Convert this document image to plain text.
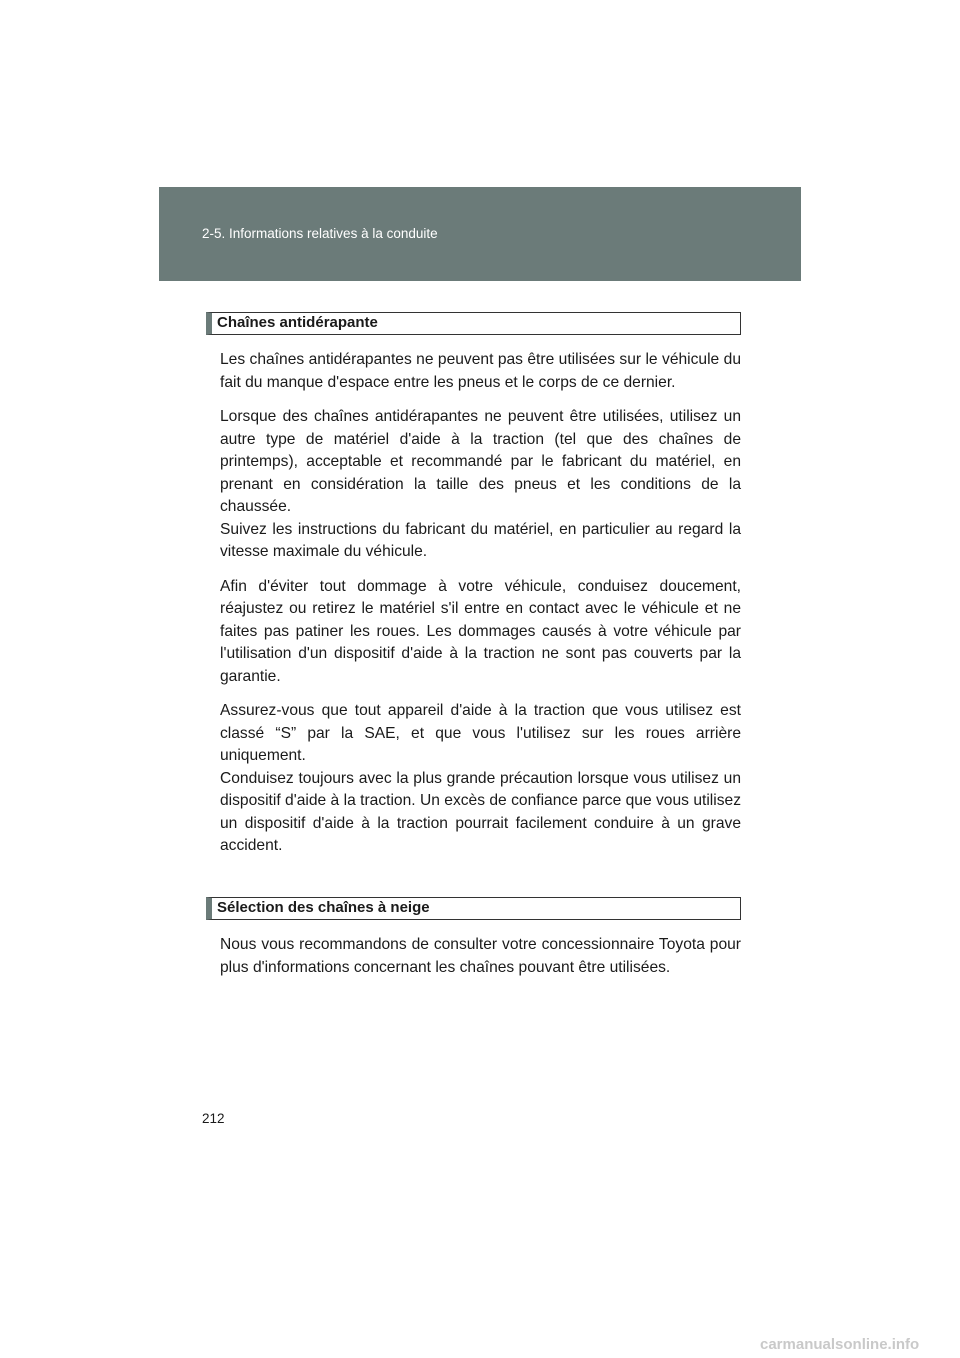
2-5. Informations relatives à la conduite
Chaînes antidérapante

Les chaînes antidérapantes ne peuvent pas être utilisées sur le véhicule du fait du manque d'espace entre les pneus et le corps de ce dernier.

Lorsque des chaînes antidérapantes ne peuvent être utilisées, utilisez un autre type de matériel d'aide à la traction (tel que des chaînes de printemps), acceptable et recommandé par le fabricant du matériel, en prenant en considération la taille des pneus et les conditions de la chaussée.

Suivez les instructions du fabricant du matériel, en particulier au regard la vitesse maximale du véhicule.

Afin d'éviter tout dommage à votre véhicule, conduisez doucement, réajustez ou retirez le matériel s'il entre en contact avec le véhicule et ne faites pas patiner les roues. Les dommages causés à votre véhicule par l'utilisation d'un dispositif d'aide à la traction ne sont pas couverts par la garantie.

Assurez-vous que tout appareil d'aide à la traction que vous utilisez est classé “S” par la SAE, et que vous l'utilisez sur les roues arrière uniquement.

Conduisez toujours avec la plus grande précaution lorsque vous utilisez un dispositif d'aide à la traction. Un excès de confiance parce que vous utilisez un dispositif d'aide à la traction pourrait facilement conduire à un grave accident.

Sélection des chaînes à neige

Nous vous recommandons de consulter votre concessionnaire Toyota pour plus d'informations concernant les chaînes pouvant être utilisées.

212
carmanualsonline.info
